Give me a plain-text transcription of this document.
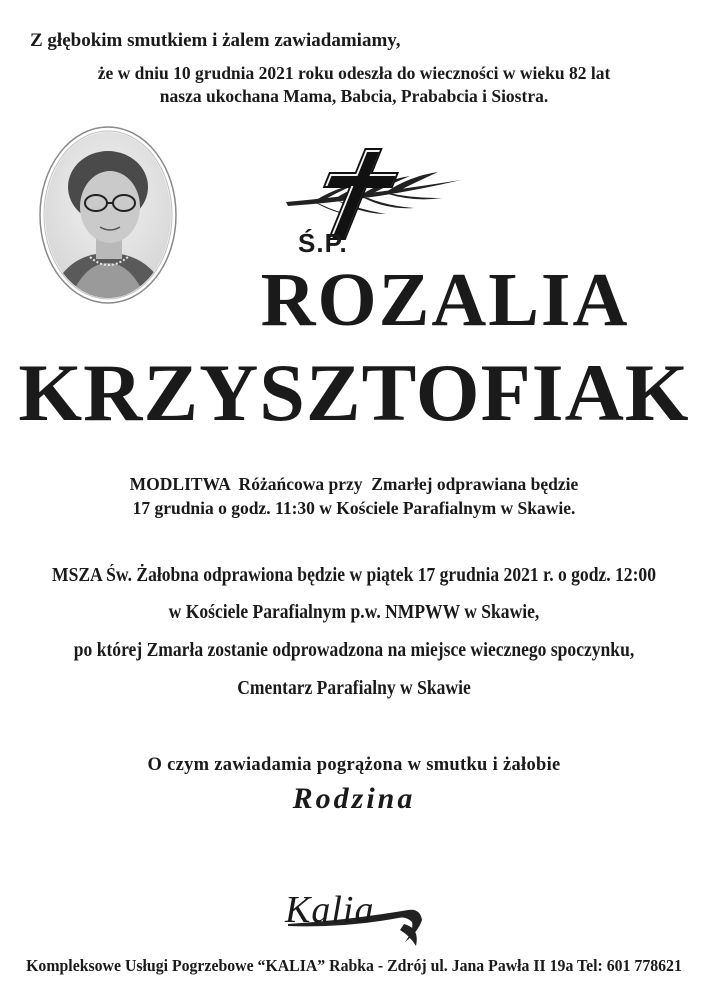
Z głębokim smutkiem i żalem zawiadamiamy,
że w dniu 10 grudnia 2021 roku odeszła do wieczności w wieku 82 lat
nasza ukochana Mama, Babcia, Prababcia i Siostra.
Ś.P.
ROZALIA
KRZYSZTOFIAK
MODLITWA  Różańcowa przy  Zmarłej odprawiana będzie
17 grudnia o godz. 11:30 w Kościele Parafialnym w Skawie.
MSZA Św. Żałobna odprawiona będzie w piątek 17 grudnia 2021 r. o godz. 12:00
w Kościele Parafialnym p.w. NMPWW w Skawie,
po której Zmarła zostanie odprowadzona na miejsce wiecznego spoczynku,
Cmentarz Parafialny w Skawie
O czym zawiadamia pogrążona w smutku i żałobie
Rodzina
Kalia
Kompleksowe Usługi Pogrzebowe “KALIA” Rabka - Zdrój ul. Jana Pawła II 19a Tel: 601 778621
